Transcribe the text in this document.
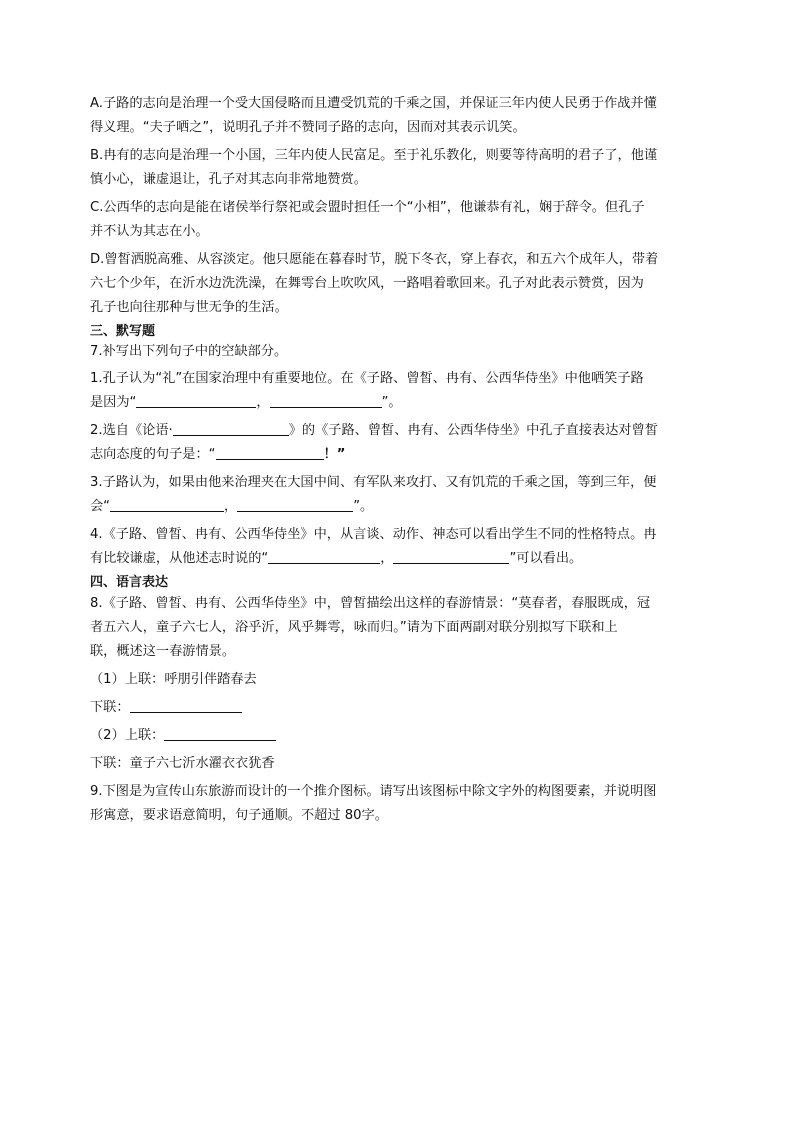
A.子路的志向是治理一个受大国侵略而且遭受饥荒的千乘之国，并保证三年内使人民勇于作战并懂
得义理。“夫子哂之”，说明孔子并不赞同子路的志向，因而对其表示讥笑。
B.冉有的志向是治理一个小国，三年内使人民富足。至于礼乐教化，则要等待高明的君子了，他谨
慎小心，谦虚退让，孔子对其志向非常地赞赏。
C.公西华的志向是能在诸侯举行祭祀或会盟时担任一个“小相”，他谦恭有礼，娴于辞令。但孔子
并不认为其志在小。
D.曾皙洒脱高雅、从容淡定。他只愿能在暮春时节，脱下冬衣，穿上春衣，和五六个成年人，带着
六七个少年，在沂水边洗洗澡，在舞雩台上吹吹风，一路唱着歌回来。孔子对此表示赞赏，因为
孔子也向往那种与世无争的生活。
三、默写题
7.补写出下列句子中的空缺部分。
1.孔子认为“礼”在国家治理中有重要地位。在《子路、曾皙、冉有、公西华侍坐》中他哂笑子路
是因为“	，	”。
2.选自《论语·	》的《子路、曾皙、冉有、公西华侍坐》中孔子直接表达对曾皙
志向态度的句子是：“	！”
3.子路认为，如果由他来治理夹在大国中间、有军队来攻打、又有饥荒的千乘之国，等到三年，便
会“	，	”。
4.《子路、曾皙、冉有、公西华侍坐》中，从言谈、动作、神态可以看出学生不同的性格特点。冉
有比较谦虚，从他述志时说的“	，	”可以看出。
四、语言表达
8.《子路、曾皙、冉有、公西华侍坐》中，曾皙描绘出这样的春游情景：“莫春者，春服既成，冠
者五六人，童子六七人，浴乎沂，风乎舞雩，咏而归。”请为下面两副对联分别拟写下联和上
联，概述这一春游情景。
（1）上联：呼朋引伴踏春去
下联：
（2）上联：
下联：童子六七沂水濯衣衣犹香
9.下图是为宣传山东旅游而设计的一个推介图标。请写出该图标中除文字外的构图要素，并说明图
形寓意，要求语意简明，句子通顺。不超过 80字。
